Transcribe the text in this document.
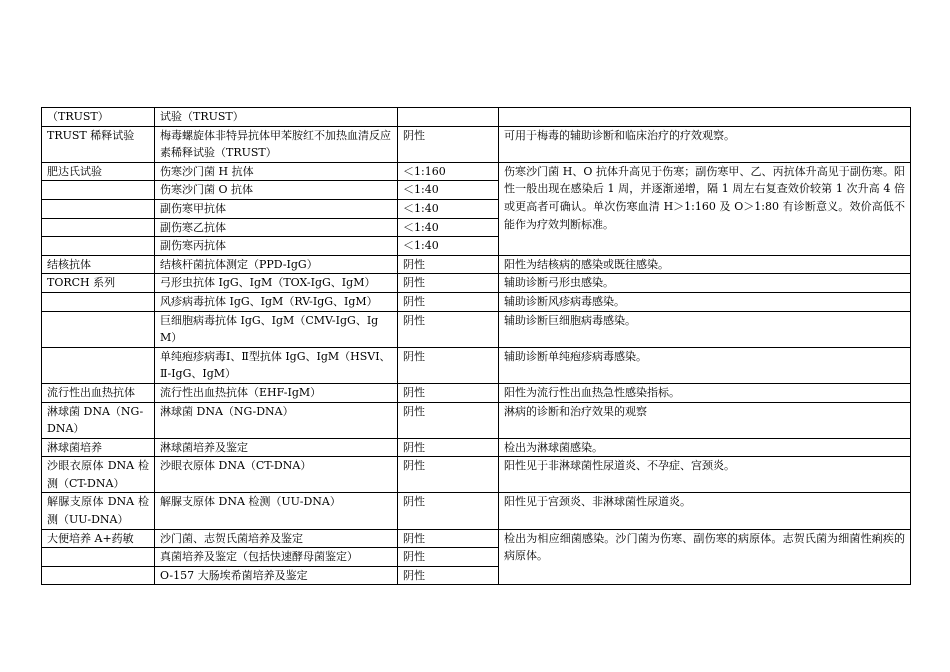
（TRUST）	试验（TRUST）		
TRUST 稀释试验	梅毒螺旋体非特异抗体甲苯胺红不加热血清反应素稀释试验（TRUST）	阴性	可用于梅毒的辅助诊断和临床治疗的疗效观察。
肥达氏试验	伤寒沙门菌 H 抗体	＜1:160	伤寒沙门菌 H、O 抗体升高见于伤寒；副伤寒甲、乙、丙抗体升高见于副伤寒。阳性一般出现在感染后 1 周，并逐渐递增，隔 1 周左右复查效价较第 1 次升高 4 倍或更高者可确认。单次伤寒血清 H＞1:160 及 O＞1:80 有诊断意义。效价高低不能作为疗效判断标准。
	伤寒沙门菌 O 抗体	＜1:40	
	副伤寒甲抗体	＜1:40	
	副伤寒乙抗体	＜1:40	
	副伤寒丙抗体	＜1:40	
结核抗体	结核杆菌抗体测定（PPD-IgG）	阴性	阳性为结核病的感染或既往感染。
TORCH 系列	弓形虫抗体 IgG、IgM（TOX-IgG、IgM）	阴性	辅助诊断弓形虫感染。
	风疹病毒抗体 IgG、IgM（RV-IgG、IgM）	阴性	辅助诊断风疹病毒感染。
	巨细胞病毒抗体 IgG、IgM（CMV-IgG、IgM）	阴性	辅助诊断巨细胞病毒感染。
	单纯疱疹病毒Ⅰ、Ⅱ型抗体 IgG、IgM（HSVⅠ、Ⅱ-IgG、IgM）	阴性	辅助诊断单纯疱疹病毒感染。
流行性出血热抗体	流行性出血热抗体（EHF-IgM）	阴性	阳性为流行性出血热急性感染指标。
淋球菌 DNA（NG-DNA）	淋球菌 DNA（NG-DNA）	阴性	淋病的诊断和治疗效果的观察
淋球菌培养	淋球菌培养及鉴定	阴性	检出为淋球菌感染。
沙眼衣原体 DNA 检测（CT-DNA）	沙眼衣原体 DNA（CT-DNA）	阴性	阳性见于非淋球菌性尿道炎、不孕症、宫颈炎。
解脲支原体 DNA 检测（UU-DNA）	解脲支原体 DNA 检测（UU-DNA）	阴性	阳性见于宫颈炎、非淋球菌性尿道炎。
大便培养 A+药敏	沙门菌、志贺氏菌培养及鉴定	阴性	检出为相应细菌感染。沙门菌为伤寒、副伤寒的病原体。志贺氏菌为细菌性痢疾的病原体。
	真菌培养及鉴定（包括快速酵母菌鉴定）	阴性	
	O-157 大肠埃希菌培养及鉴定	阴性	
